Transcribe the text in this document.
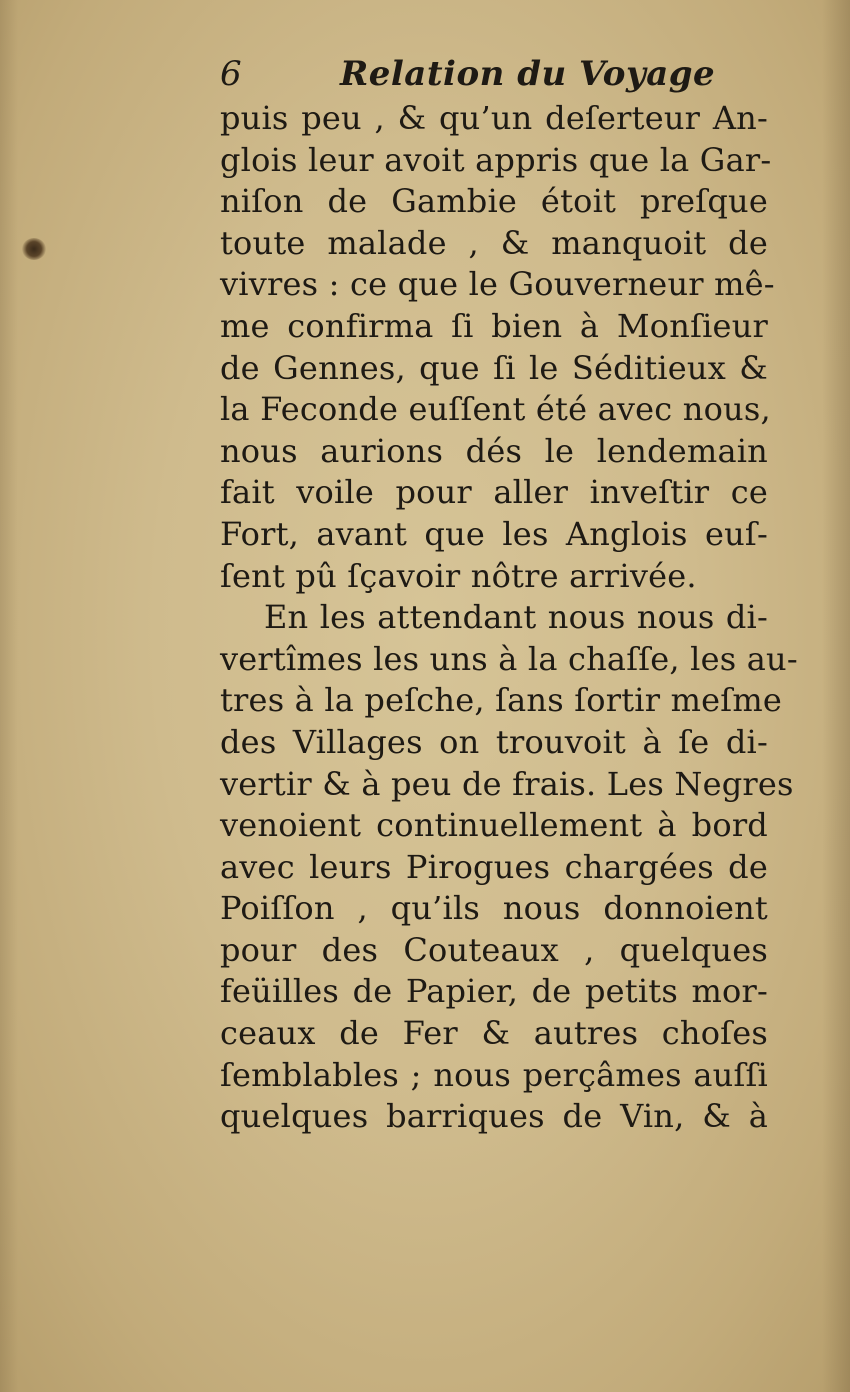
6	Relation du Voyage
puis peu , & qu’un deſerteur An-
glois leur avoit appris que la Gar-
niſon de Gambie étoit preſque
toute malade , & manquoit de
vivres : ce que le Gouverneur mê-
me confirma ſi bien à Monſieur
de Gennes, que ſi le Séditieux &
la Feconde euſſent été avec nous,
nous aurions dés le lendemain
fait voile pour aller inveſtir ce
Fort, avant que les Anglois euſ-
ſent pû ſçavoir nôtre arrivée.
En les attendant nous nous di-
vertîmes les uns à la chaſſe, les au-
tres à la peſche, ſans ſortir meſme
des Villages on trouvoit à ſe di-
vertir & à peu de frais. Les Negres
venoient continuellement à bord
avec leurs Pirogues chargées de
Poiſſon , qu’ils nous donnoient
pour des Couteaux , quelques
feüilles de Papier, de petits mor-
ceaux de Fer & autres choſes
ſemblables ; nous perçâmes auſſi
quelques barriques de Vin, & à
